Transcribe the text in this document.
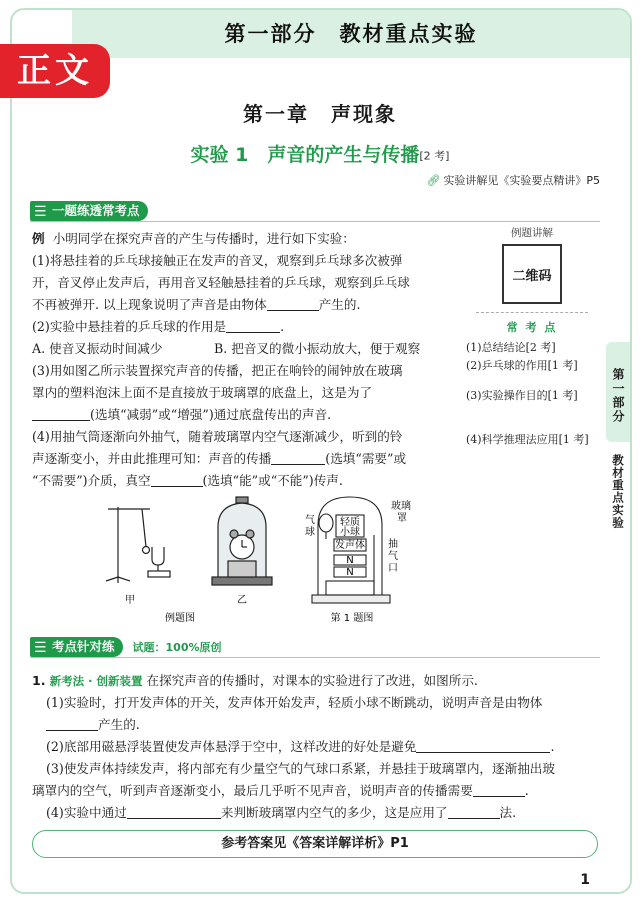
第一部分　教材重点实验
正文
第一章　声现象
实验 1　声音的产生与传播[2 考]
🔗︎ 实验讲解见《实验要点精讲》P5
☰ 一题练透常考点

例 小明同学在探究声音的产生与传播时，进行如下实验：

(1)将悬挂着的乒乓球接触正在发声的音叉，观察到乒乓球多次被弹

开，音叉停止发声后，再用音叉轻触悬挂着的乒乓球，观察到乒乓球

不再被弹开. 以上现象说明了声音是由物体	产生的.

(2)实验中悬挂着的乒乓球的作用是	.

A. 使音叉振动时间减少	B. 把音叉的微小振动放大，便于观察

(3)用如图乙所示装置探究声音的传播，把正在响铃的闹钟放在玻璃

罩内的塑料泡沫上面不是直接放于玻璃罩的底盘上，这是为了

(选填“减弱”或“增强”)通过底盘传出的声音.

(4)用抽气筒逐渐向外抽气，随着玻璃罩内空气逐渐减少，听到的铃

声逐渐变小，并由此推理可知：声音的传播	(选填“需要”或

“不需要”)介质，真空	(选填“能”或“不能”)传声.

例题讲解
二维码
常 考 点
(1)总结结论[2 考]
(2)乒乓球的作用[1 考]
(3)实验操作目的[1 考]
(4)科学推理法应用[1 考]
第一部分
教材重点实验
甲	乙
例题图
玻璃
罩
气
球
轻质
小球
发声体
N
N
抽
气
口
第 1 题图
☰ 考点针对练	试题：100%原创

1. 新考法 · 创新装置 在探究声音的传播时，对课本的实验进行了改进，如图所示.

(1)实验时，打开发声体的开关，发声体开始发声，轻质小球不断跳动，说明声音是由物体

产生的.

(2)底部用磁悬浮装置使发声体悬浮于空中，这样改进的好处是避免	.

(3)使发声体持续发声，将内部充有少量空气的气球口系紧，并悬挂于玻璃罩内，逐渐抽出玻

璃罩内的空气，听到声音逐渐变小，最后几乎听不见声音，说明声音的传播需要	.

(4)实验中通过	来判断玻璃罩内空气的多少，这是应用了	法.

参考答案见《答案详解详析》P1
1
